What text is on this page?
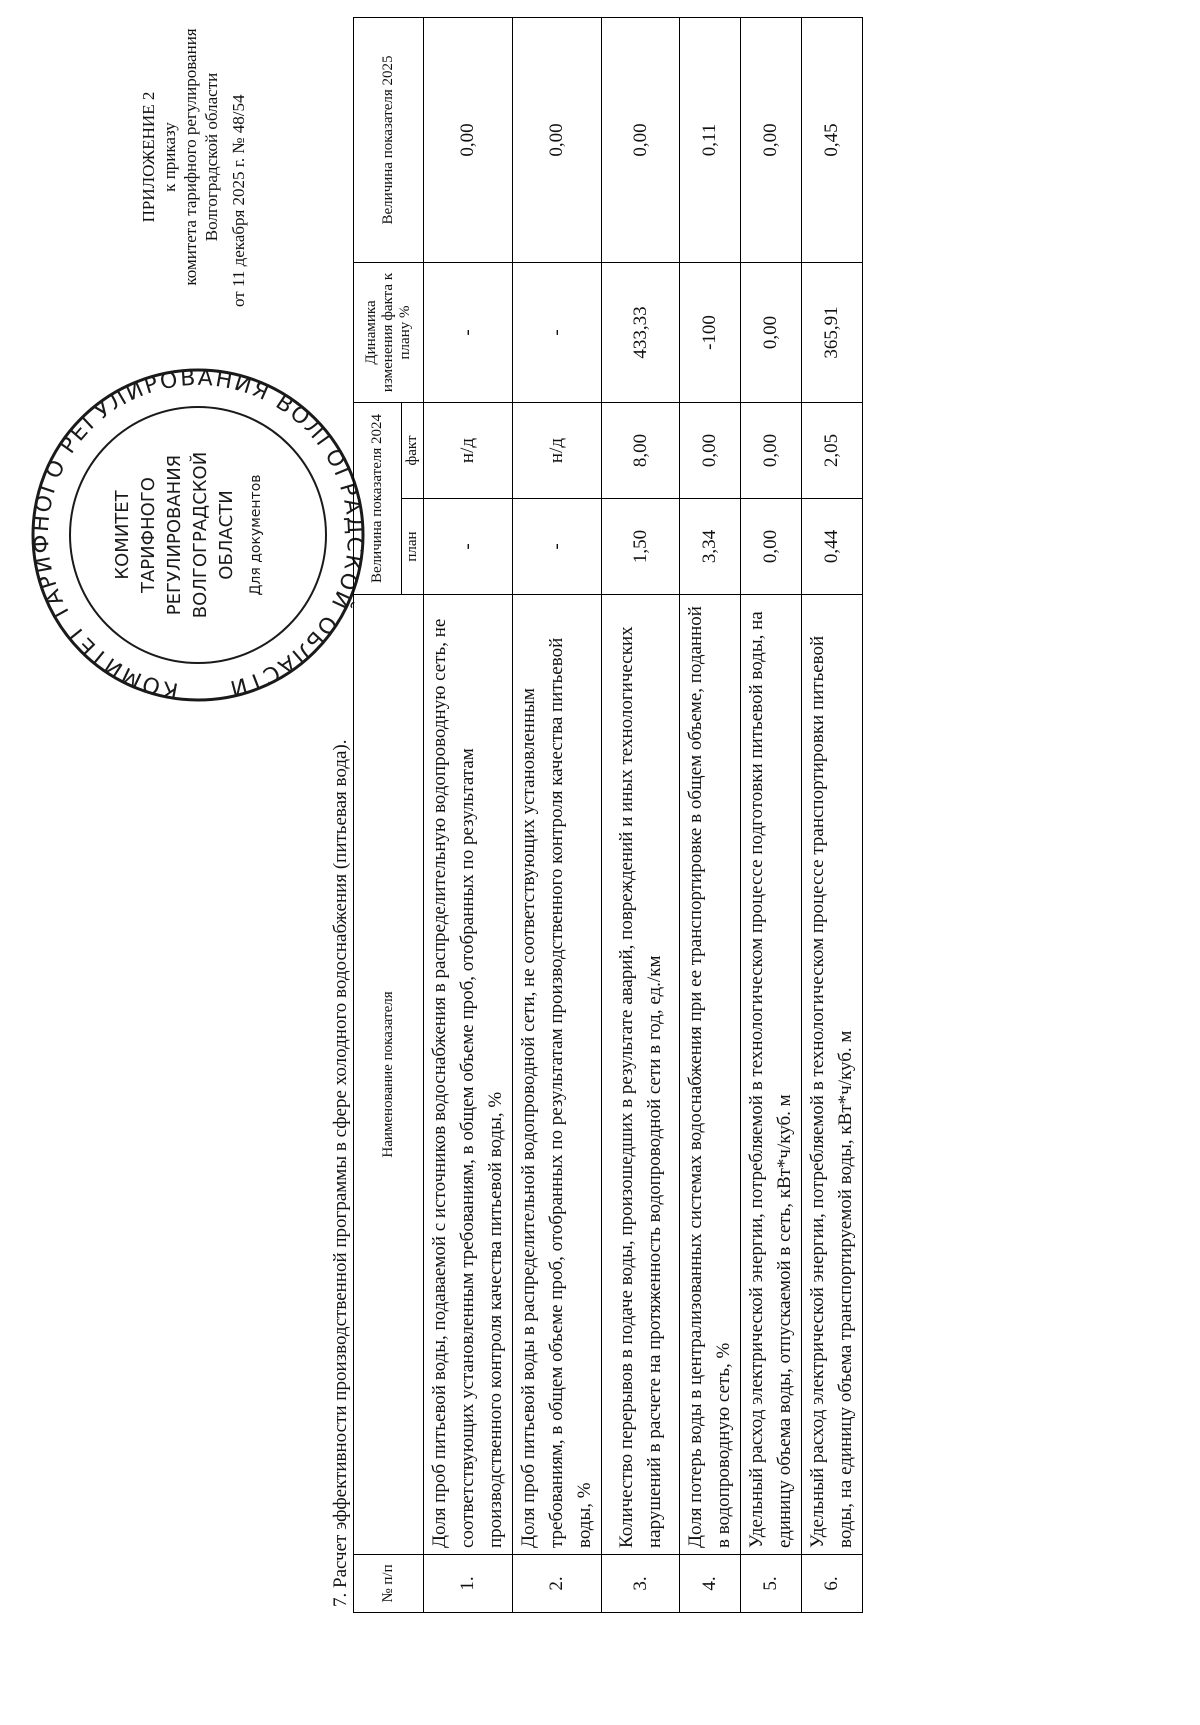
КОМИТЕТ ТАРИФНОГО РЕГУЛИРОВАНИЯ ВОЛГОГРАДСКОЙ ОБЛАСТИ
КОМИТЕТ ТАРИФНОГО РЕГУЛИРОВАНИЯ ВОЛГОГРАДСКОЙ ОБЛАСТИ Для документов
ПРИЛОЖЕНИЕ 2 к приказу комитета тарифного регулирования Волгоградской области от 11 декабря 2025 г. № 48/54
7. Расчет эффективности производственной программы в сфере холодного водоснабжения (питьевая вода). № п/п	Наименование показателя	Величина показателя 2024		Динамика изменения факта к плану %	Величина показателя 2025
		план	факт		
1.	Доля проб питьевой воды, подаваемой с источников водоснабжения в распределительную водопроводную сеть, не соответствующих установленным требованиям, в общем объеме проб, отобранных по результатам производственного контроля качества питьевой воды, %	-	н/д	-	0,00
2.	Доля проб питьевой воды в распределительной водопроводной сети, не соответствующих установленным требованиям, в общем объеме проб, отобранных по результатам производственного контроля качества питьевой воды, %	-	н/д	-	0,00
3.	Количество перерывов в подаче воды, произошедших в результате аварий, повреждений и иных технологических нарушений в расчете на протяженность водопроводной сети в год, ед./км	1,50	8,00	433,33	0,00
4.	Доля потерь воды в централизованных системах водоснабжения при ее транспортировке в общем объеме, поданной в водопроводную сеть, %	3,34	0,00	-100	0,11
5.	Удельный расход электрической энергии, потребляемой в технологическом процессе подготовки питьевой воды, на единицу объема воды, отпускаемой в сеть, кВт*ч/куб. м	0,00	0,00	0,00	0,00
6.	Удельный расход электрической энергии, потребляемой в технологическом процессе транспортировки питьевой воды, на единицу объема транспортируемой воды, кВт*ч/куб. м	0,44	2,05	365,91	0,45
